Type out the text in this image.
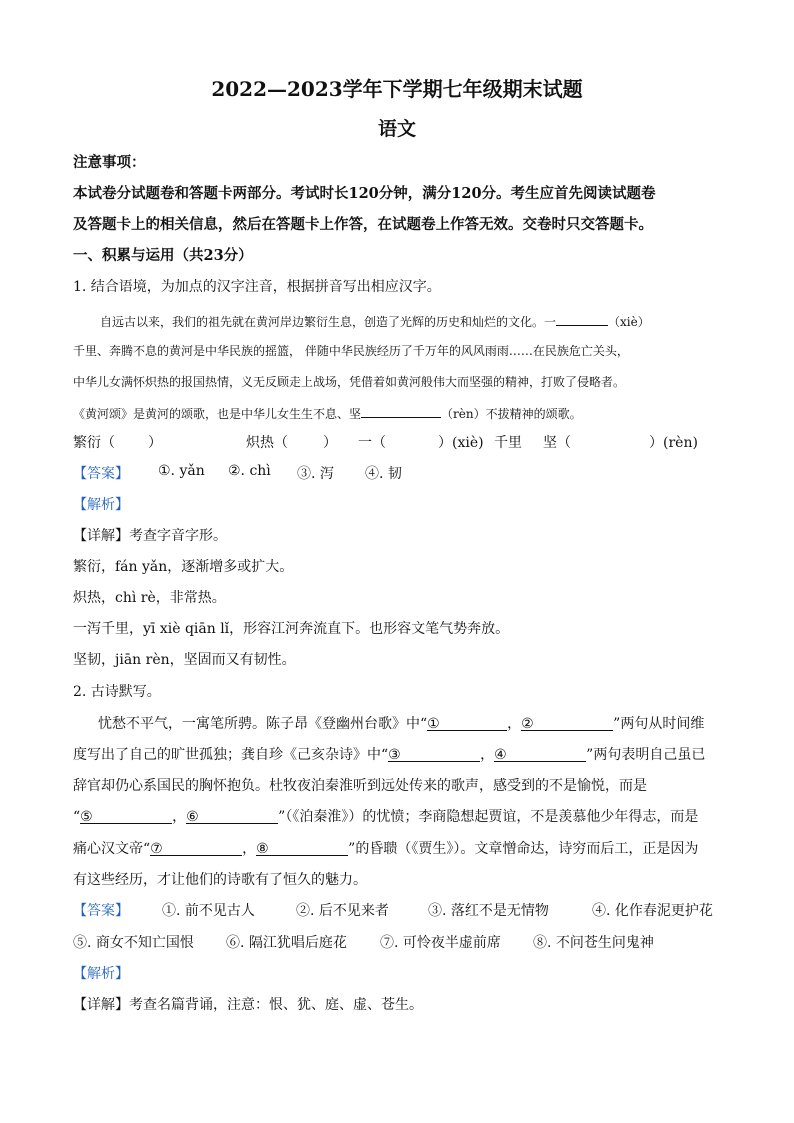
2022—2023学年下学期七年级期末试题
语文
注意事项：
本试卷分试题卷和答题卡两部分。考试时长120分钟，满分120分。考生应首先阅读试题卷
及答题卡上的相关信息，然后在答题卡上作答，在试题卷上作答无效。交卷时只交答题卡。
一、积累与运用（共23分）
1. 结合语境，为加点的汉字注音，根据拼音写出相应汉字。
自远古以来，我们的祖先就在黄河岸边繁衍生息，创造了光辉的历史和灿烂的文化。一	（xiè）
千里、奔腾不息的黄河是中华民族的摇篮， 伴随中华民族经历了千万年的风风雨雨……在民族危亡关头，
中华儿女满怀炽热的报国热情，义无反顾走上战场，凭借着如黄河般伟大而坚强的精神，打败了侵略者。
《黄河颂》是黄河的颂歌，也是中华儿女生生不息、坚	（rèn）不拔精神的颂歌。
繁衍（ ）	炽热（	） 一（	）(xiè) 千里 坚（	）(rèn)
【答案】 ①. yǎn ②. chì ③. 泻 ④. 韧
【解析】
【详解】考查字音字形。
繁衍，fán yǎn，逐渐增多或扩大。
炽热，chì rè，非常热。
一泻千里，yī xiè qiān lǐ，形容江河奔流直下。也形容文笔气势奔放。
坚韧，jiān rèn，坚固而又有韧性。
2. 古诗默写。
忧愁不平气，一寓笔所骋。陈子昂《登幽州台歌》中“①	，②	”两句从时间维
度写出了自己的旷世孤独；龚自珍《己亥杂诗》中“③	，④	”两句表明自己虽已
辞官却仍心系国民的胸怀抱负。杜牧夜泊秦淮听到远处传来的歌声，感受到的不是愉悦，而是
“⑤	，⑥	”（《泊秦淮》）的忧愤；李商隐想起贾谊，不是羡慕他少年得志，而是
痛心汉文帝“⑦	，⑧	”的昏聩（《贾生》）。文章憎命达，诗穷而后工，正是因为
有这些经历，才让他们的诗歌有了恒久的魅力。
【答案】 ①. 前不见古人	②. 后不见来者	③. 落红不是无情物	④. 化作春泥更护花
⑤. 商女不知亡国恨 ⑥. 隔江犹唱后庭花 ⑦. 可怜夜半虚前席 ⑧. 不问苍生问鬼神
【解析】
【详解】考查名篇背诵，注意：恨、犹、庭、虚、苍生。
